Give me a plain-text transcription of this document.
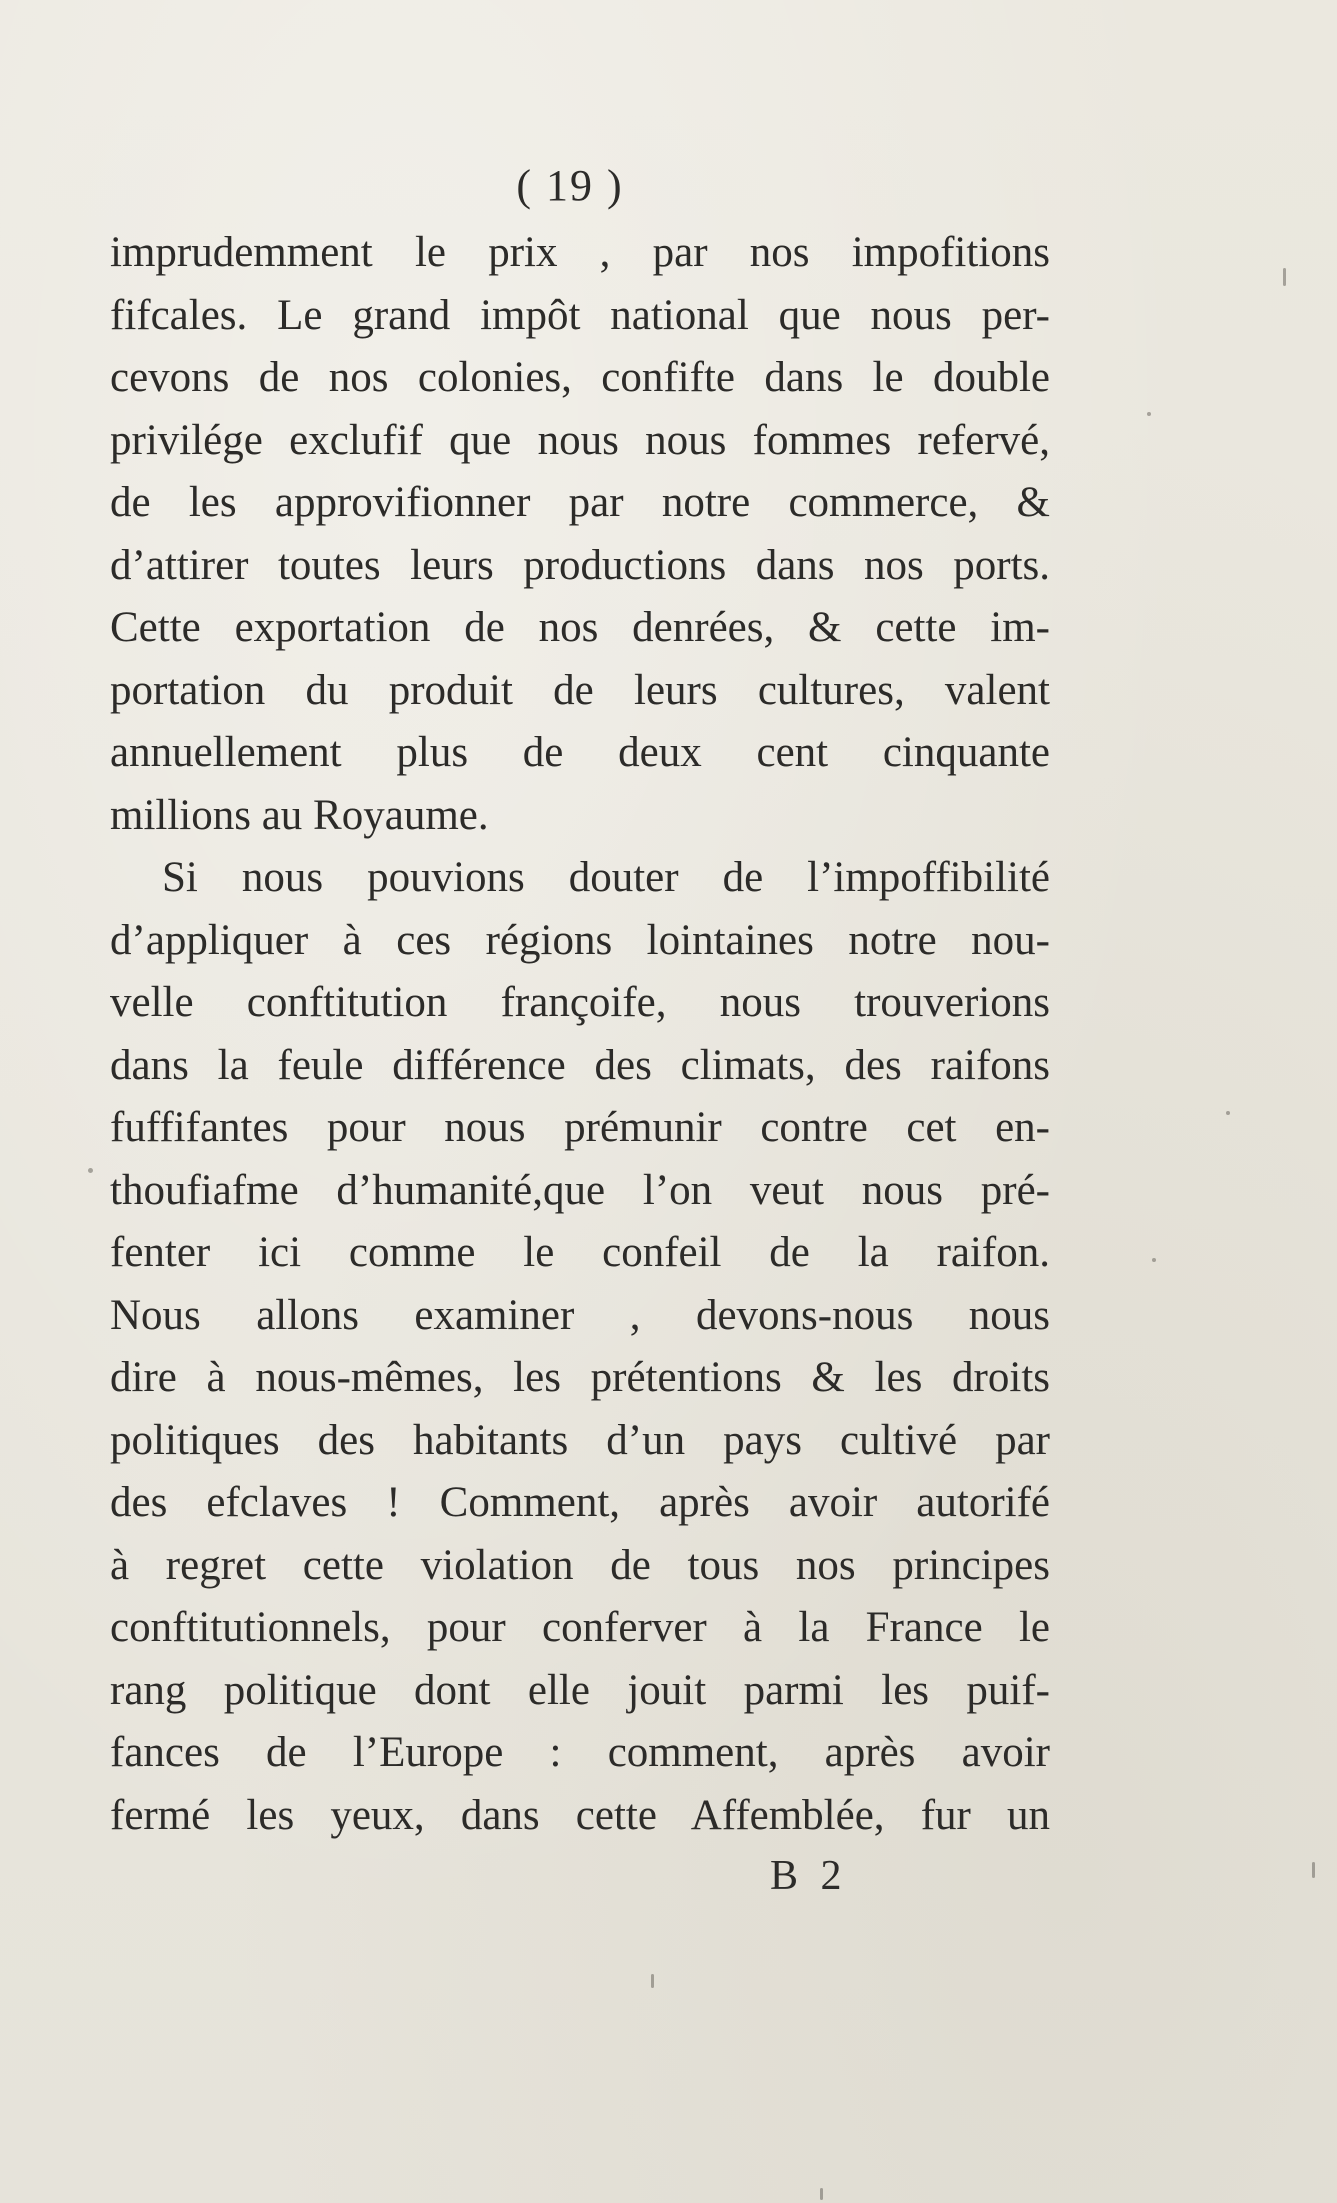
( 19 )
imprudemment le prix , par nos impofitions
fifcales. Le grand impôt national que nous per-
cevons de nos colonies, confifte dans le double
privilége exclufif que nous nous fommes refervé,
de les approvifionner par notre commerce, &
d’attirer toutes leurs productions dans nos ports.
Cette exportation de nos denrées, & cette im-
portation du produit de leurs cultures, valent
annuellement plus de deux cent cinquante
millions au Royaume.
Si nous pouvions douter de l’impoffibilité
d’appliquer à ces régions lointaines notre nou-
velle conftitution françoife, nous trouverions
dans la feule différence des climats, des raifons
fuffifantes pour nous prémunir contre cet en-
thoufiafme d’humanité,que l’on veut nous pré-
fenter ici comme le confeil de la raifon.
Nous allons examiner , devons-nous nous
dire à nous-mêmes, les prétentions & les droits
politiques des habitants d’un pays cultivé par
des efclaves ! Comment, après avoir autorifé
à regret cette violation de tous nos principes
conftitutionnels, pour conferver à la France le
rang politique dont elle jouit parmi les puif-
fances de l’Europe : comment, après avoir
fermé les yeux, dans cette Affemblée, fur un
B 2
